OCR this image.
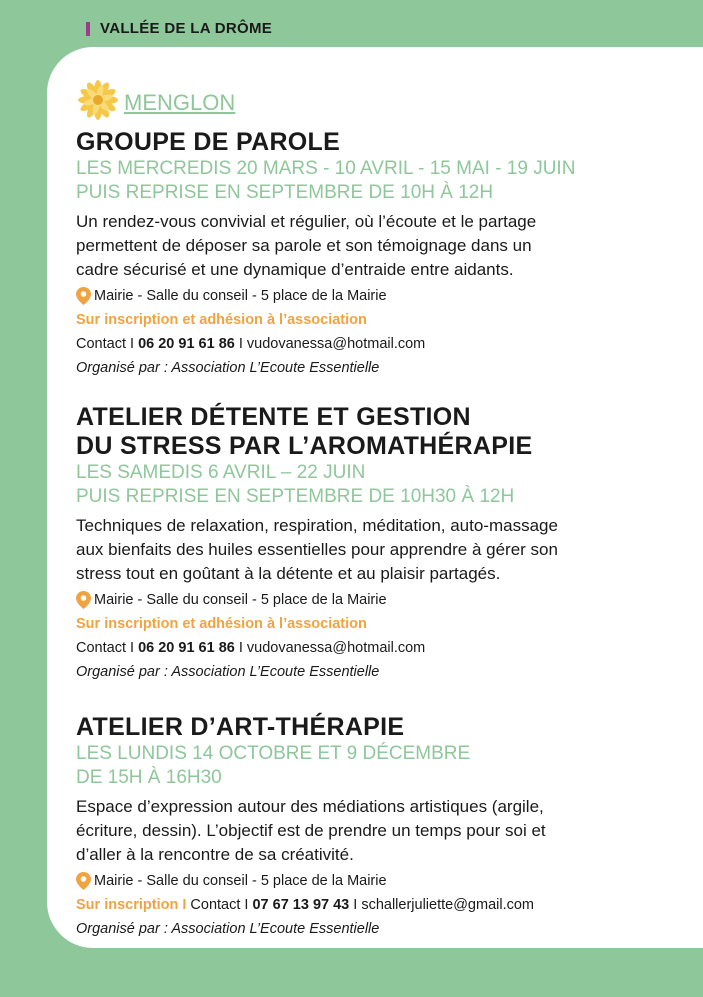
VALLÉE DE LA DRÔME
MENGLON
GROUPE DE PAROLE
LES MERCREDIS 20 MARS - 10 AVRIL - 15 MAI - 19 JUIN
PUIS REPRISE EN SEPTEMBRE DE 10H À 12H
Un rendez-vous convivial et régulier, où l’écoute et le partage
permettent de déposer sa parole et son témoignage dans un
cadre sécurisé et une dynamique d’entraide entre aidants.
Mairie - Salle du conseil - 5 place de la Mairie
Sur inscription et adhésion à l’association
Contact I 06 20 91 61 86 I vudovanessa@hotmail.com
Organisé par : Association L’Ecoute Essentielle
ATELIER DÉTENTE ET GESTION
DU STRESS PAR L’AROMATHÉRAPIE
LES SAMEDIS 6 AVRIL – 22 JUIN
PUIS REPRISE EN SEPTEMBRE DE 10H30 À 12H
Techniques de relaxation, respiration, méditation, auto-massage
aux bienfaits des huiles essentielles pour apprendre à gérer son
stress tout en goûtant à la détente et au plaisir partagés.
Mairie - Salle du conseil - 5 place de la Mairie
Sur inscription et adhésion à l’association
Contact I 06 20 91 61 86 I vudovanessa@hotmail.com
Organisé par : Association L’Ecoute Essentielle
ATELIER D’ART-THÉRAPIE
LES LUNDIS 14 OCTOBRE ET 9 DÉCEMBRE
DE 15H À 16H30
Espace d’expression autour des médiations artistiques (argile,
écriture, dessin). L’objectif est de prendre un temps pour soi et
d’aller à la rencontre de sa créativité.
Mairie - Salle du conseil - 5 place de la Mairie
Sur inscription I Contact I 07 67 13 97 43 I schallerjuliette@gmail.com
Organisé par : Association L’Ecoute Essentielle
